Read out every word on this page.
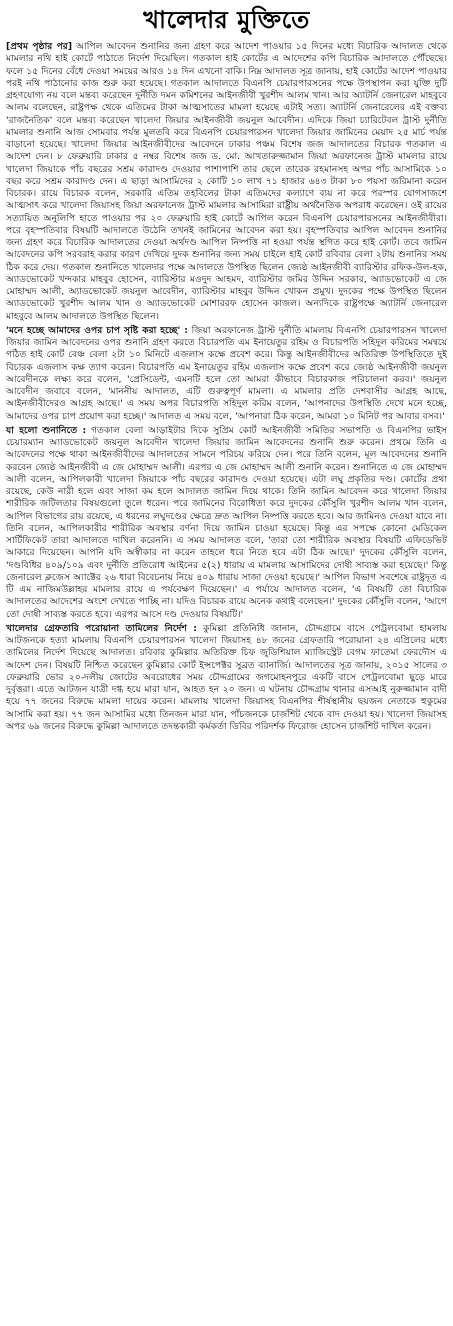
খালেদার মুক্তিতে

[প্রথম পৃষ্ঠার পর] আপিল আবেদন শুনানির জন্য গ্রহণ করে আদেশ পাওয়ার ১৫ দিনের মধ্যে বিচারিক আদালত থেকে মামলার নথি হাই কোর্টে পাঠাতে নির্দেশ দিয়েছিল। গতকাল হাই কোর্টের এ আদেশের কপি বিচারিক আদালতে পৌঁছেছে। ফলে ১৫ দিনের বেঁধে দেওয়া সময়ের আরও ১৪ দিন এখনো বাকি। নিম্ন আদালত সূত্র জানায়, হাই কোর্টের আদেশ পাওয়ার পরই নথি পাঠানোর কাজ শুরু করা হয়েছে। গতকাল আদালতে বিএনপি চেয়ারপারসনের পক্ষে উপস্থাপন করা যুক্তি দুটি গ্রহণযোগ্য নয় বলে মন্তব্য করেছেন দুর্নীতি দমন কমিশনের আইনজীবী খুরশীদ আলম খান। আর অ্যাটর্নি জেনারেল মাহবুবে আলম বলেছেন, রাষ্ট্রপক্ষ থেকে এতিমের টাকা আত্মসাতের মামলা হয়েছে এটাই সত্য। অ্যাটর্নি জেনারেলের এই বক্তব্য 'রাজনৈতিক' বলে মন্তব্য করেছেন খালেদা জিয়ার আইনজীবী জয়নুল আবেদীন। এদিকে জিয়া চ্যারিটেবল ট্রাস্ট দুর্নীতি মামলার শুনানি আজ সোমবার পর্যন্ত মুলতবি করে বিএনপি চেয়ারপারসন খালেদা জিয়ার জামিনের মেয়াদ ২৫ মার্চ পর্যন্ত বাড়ানো হয়েছে। খালেদা জিয়ার আইনজীবীদের আবেদনে ঢাকার পঞ্চম বিশেষ জজ আদালতের বিচারক গতকাল এ আদেশ দেন। ৮ ফেব্রুয়ারি ঢাকার ৫ নম্বর বিশেষ জজ ড. মো. আখতারুজ্জামান জিয়া অরফানেজ ট্রাস্ট মামলার রায়ে খালেদা জিয়াকে পাঁচ বছরের সশ্রম কারাদণ্ড দেওয়ার পাশাপাশি তার ছেলে তারেক রহমানসহ অপর পাঁচ আসামিকে ১০ বছর করে সশ্রম কারাদণ্ড দেন। এ ছাড়া আসামিদের ২ কোটি ১০ লাখ ৭১ হাজার ৬৪৩ টাকা ৮০ পয়সা জরিমানা করেন বিচারক। রায়ে বিচারক বলেন, সরকারি এতিম তহবিলের টাকা এতিমদের কল্যাণে ব্যয় না করে পরস্পর যোগসাজশে আত্মসাৎ করে খালেদা জিয়াসহ জিয়া অরফানেজ ট্রাস্ট মামলার আসামিরা রাষ্ট্রীয় অর্থনৈতিক অপরাধ করেছেন। ওই রায়ের সত্যায়িত অনুলিপি হাতে পাওয়ার পর ২০ ফেব্রুয়ারি হাই কোর্টে আপিল করেন বিএনপি চেয়ারপারসনের আইনজীবীরা। পরে বৃহস্পতিবার বিষয়টি আদালতে উঠেনি তখনই জামিনের আবেদন করা হয়। বৃহস্পতিবার আপিল আবেদন শুনানির জন্য গ্রহণ করে বিচারিক আদালতের দেওয়া অর্থদণ্ড আপিল নিষ্পত্তি না হওয়া পর্যন্ত স্থগিত করে হাই কোর্ট। তবে জামিন আবেদনের কপি সরবরাহ করার কারণ দেখিয়ে দুদক শুনানির জন্য সময় চাইলে হাই কোর্ট রবিবার বেলা ২টায় শুনানির সময় ঠিক করে দেয়। গতকাল শুনানিতে খালেদার পক্ষে আদালতে উপস্থিত ছিলেন জ্যেষ্ঠ আইনজীবী ব্যারিস্টার রফিক-উল-হক, অ্যাডভোকেট খন্দকার মাহবুব হোসেন, ব্যারিস্টার মওদুদ আহমদ, ব্যারিস্টার জমির উদ্দিন সরকার, অ্যাডভোকেট এ জে মোহাম্মদ আলী, অ্যাডভোকেট জয়নুল আবেদীন, ব্যারিস্টার মাহবুব উদ্দিন খোকন প্রমুখ। দুদকের পক্ষে উপস্থিত ছিলেন অ্যাডভোকেট খুরশীদ আলম খান ও অ্যাডভোকেট মোশাররফ হোসেন কাজল। অন্যদিকে রাষ্ট্রপক্ষে অ্যাটর্নি জেনারেল মাহবুবে আলম আদালতে উপস্থিত ছিলেন।

'মনে হচ্ছে আমাদের ওপর চাপ সৃষ্টি করা হচ্ছে' : জিয়া অরফানেজ ট্রাস্ট দুর্নীতি মামলায় বিএনপি চেয়ারপারসন খালেদা জিয়ার জামিন আবেদনের ওপর শুনানি গ্রহণ করতে বিচারপতি এম ইনায়েতুর রহিম ও বিচারপতি সহিদুল করিমের সমন্বয়ে গঠিত হাই কোর্ট বেঞ্চ বেলা ২টা ১০ মিনিটে এজলাস কক্ষে প্রবেশ করে। কিন্তু আইনজীবীদের অতিরিক্ত উপস্থিতিতে দুই বিচারক এজলাস কক্ষ ত্যাগ করেন। বিচারপতি এম ইনায়েতুর রহিম এজলাস কক্ষে প্রবেশ করে জ্যেষ্ঠ আইনজীবী জয়নুল আবেদীনকে লক্ষ্য করে বলেন, 'প্রেসিডেন্ট, এমনটি হলে তো আমরা কীভাবে বিচারকাজ পরিচালনা করব।' জয়নুল আবেদীন জবাবে বলেন, 'মাননীয় আদালত, এটি গুরুত্বপূর্ণ মামলা। এ মামলার প্রতি দেশবাসীর আগ্রহ আছে, আইনজীবীদেরও আগ্রহ আছে।' এ সময় অপর বিচারপতি সহিদুল করিম বলেন, 'আপনাদের উপস্থিতি দেখে মনে হচ্ছে, আমাদের ওপর চাপ প্রয়োগ করা হচ্ছে।' আদালত এ সময় বলে, 'আপনারা ঠিক করেন, আমরা ১০ মিনিট পর আবার বসব।'

যা হলো শুনানিতে : গতকাল বেলা আড়াইটার দিকে সুপ্রিম কোর্ট আইনজীবী সমিতির সভাপতি ও বিএনপির ভাইস চেয়ারম্যান অ্যাডভোকেট জয়নুল আবেদীন খালেদা জিয়ার জামিন আবেদনের শুনানি শুরু করেন। প্রথমে তিনি এ আবেদনের পক্ষে থাকা আইনজীবীদের আদালতের সামনে পরিচয় করিয়ে দেন। পরে তিনি বলেন, মূল আবেদনের শুনানি করবেন জ্যেষ্ঠ আইনজীবী এ জে মোহাম্মদ আলী। এরপর এ জে মোহাম্মদ আলী শুনানি করেন। শুনানিতে এ জে মোহাম্মদ আলী বলেন, আপিলকারী খালেদা জিয়াকে পাঁচ বছরের কারাদণ্ড দেওয়া হয়েছে। এটা লঘু প্রকৃতির দণ্ড। কোর্টের প্রথা রয়েছে, কেউ নারী হলে এবং সাজা কম হলে আদালত জামিন দিয়ে থাকে। তিনি জামিন আবেদন করে খালেদা জিয়ার শারীরিক জটিলতার বিষয়গুলো তুলে ধরেন। পরে জামিনের বিরোধিতা করে দুদকের কৌঁসুলি খুরশীদ আলম খান বলেন, আপিল বিভাগের রায় রয়েছে, এ ধরনের লঘুদণ্ডের ক্ষেত্রে দ্রুত আপিল নিষ্পত্তি করতে হবে। আর জামিনও দেওয়া যাবে না। তিনি বলেন, আপিলকারীর শারীরিক অবস্থার বর্ণনা দিয়ে জামিন চাওয়া হয়েছে। কিন্তু এর সপক্ষে কোনো মেডিকেল সার্টিফিকেট তারা আদালতে দাখিল করেননি। এ সময় আদালত বলে, 'তারা তো শারীরিক অবস্থার বিষয়টি এফিডেভিট আকারে দিয়েছেন। আপনি যদি অস্বীকার না করেন তাহলে ধরে নিতে হবে এটা ঠিক আছে।' দুদকের কৌঁসুলি বলেন, 'দণ্ডবিধির ৪০৯/১০৯ এবং দুর্নীতি প্রতিরোধ আইনের ৫(২) ধারায় এ মামলায় আসামিদের দোষী সাব্যস্ত করা হয়েছে।' কিন্তু জেনারেল ক্লজেস অ্যাক্টের ২৬ ধারা বিবেচনায় নিয়ে ৪০৯ ধারায় সাজা দেওয়া হয়েছে।' আপিল বিভাগ সবশেষে রাষ্ট্রদূত এ টি এম নাজিমউল্লাহর মামলার রায়ে এ পর্যবেক্ষণ দিয়েছেন।' এ পর্যায়ে আদালত বলেন, 'এ বিষয়টি তো বিচারিক আদালতের আদেশের অংশে দেখতে পাচ্ছি না। যদিও বিচারক রায়ে অনেক কথাই বলেছেন।' দুদকের কৌঁসুলি বলেন, 'আগে তো দোষী সাব্যস্ত করতে হবে। এরপর আসে দণ্ড দেওয়ার বিষয়টি।'

খালেদার গ্রেফতারি পরোয়ানা তামিলের নির্দেশ : কুমিল্লা প্রতিনিধি জানান, চৌদ্দগ্রামে বাসে পেট্রলবোমা হামলায় আটজনকে হত্যা মামলায় বিএনপি চেয়ারপারসন খালেদা জিয়াসহ ৪৮ জনের গ্রেফতারি পরোয়ানা ২৪ এপ্রিলের মধ্যে তামিলের নির্দেশ দিয়েছে আদালত। রবিবার কুমিল্লার অতিরিক্ত চিফ জুডিশিয়াল ম্যাজিস্ট্রেট বেগম ফাতেমা ফেরদৌস এ আদেশ দেন। বিষয়টি নিশ্চিত করেছেন কুমিল্লার কোর্ট ইন্সপেক্টর সুব্রত ব্যানার্জি। আদালতের সূত্র জানায়, ২০১৫ সালের ৩ ফেব্রুয়ারি ভোর ২০-দলীয় জোটের অবরোধের সময় চৌদ্দগ্রামের জগমোহনপুরে একটি বাসে পেট্রলবোমা ছুড়ে মারে দুর্বৃত্তরা। এতে আটজন যাত্রী দগ্ধ হয়ে মারা যান, আহত হন ২০ জন। এ ঘটনায় চৌদ্দগ্রাম থানার এসআই নুরুজ্জামান বাদী হয়ে ৭৭ জনের বিরুদ্ধে মামলা দায়ের করেন। মামলায় খালেদা জিয়াসহ বিএনপির শীর্ষস্থানীয় ছয়জন নেতাকে হুকুমের আসামি করা হয়। ৭৭ জন আসামির মধ্যে তিনজন মারা যান, পাঁচজনকে চার্জশিট থেকে বাদ দেওয়া হয়। খালেদা জিয়াসহ অপর ৬৯ জনের বিরুদ্ধে কুমিল্লা আদালতে তদন্তকারী কর্মকর্তা ডিবির পরিদর্শক ফিরোজ হোসেন চার্জশিট দাখিল করেন।
